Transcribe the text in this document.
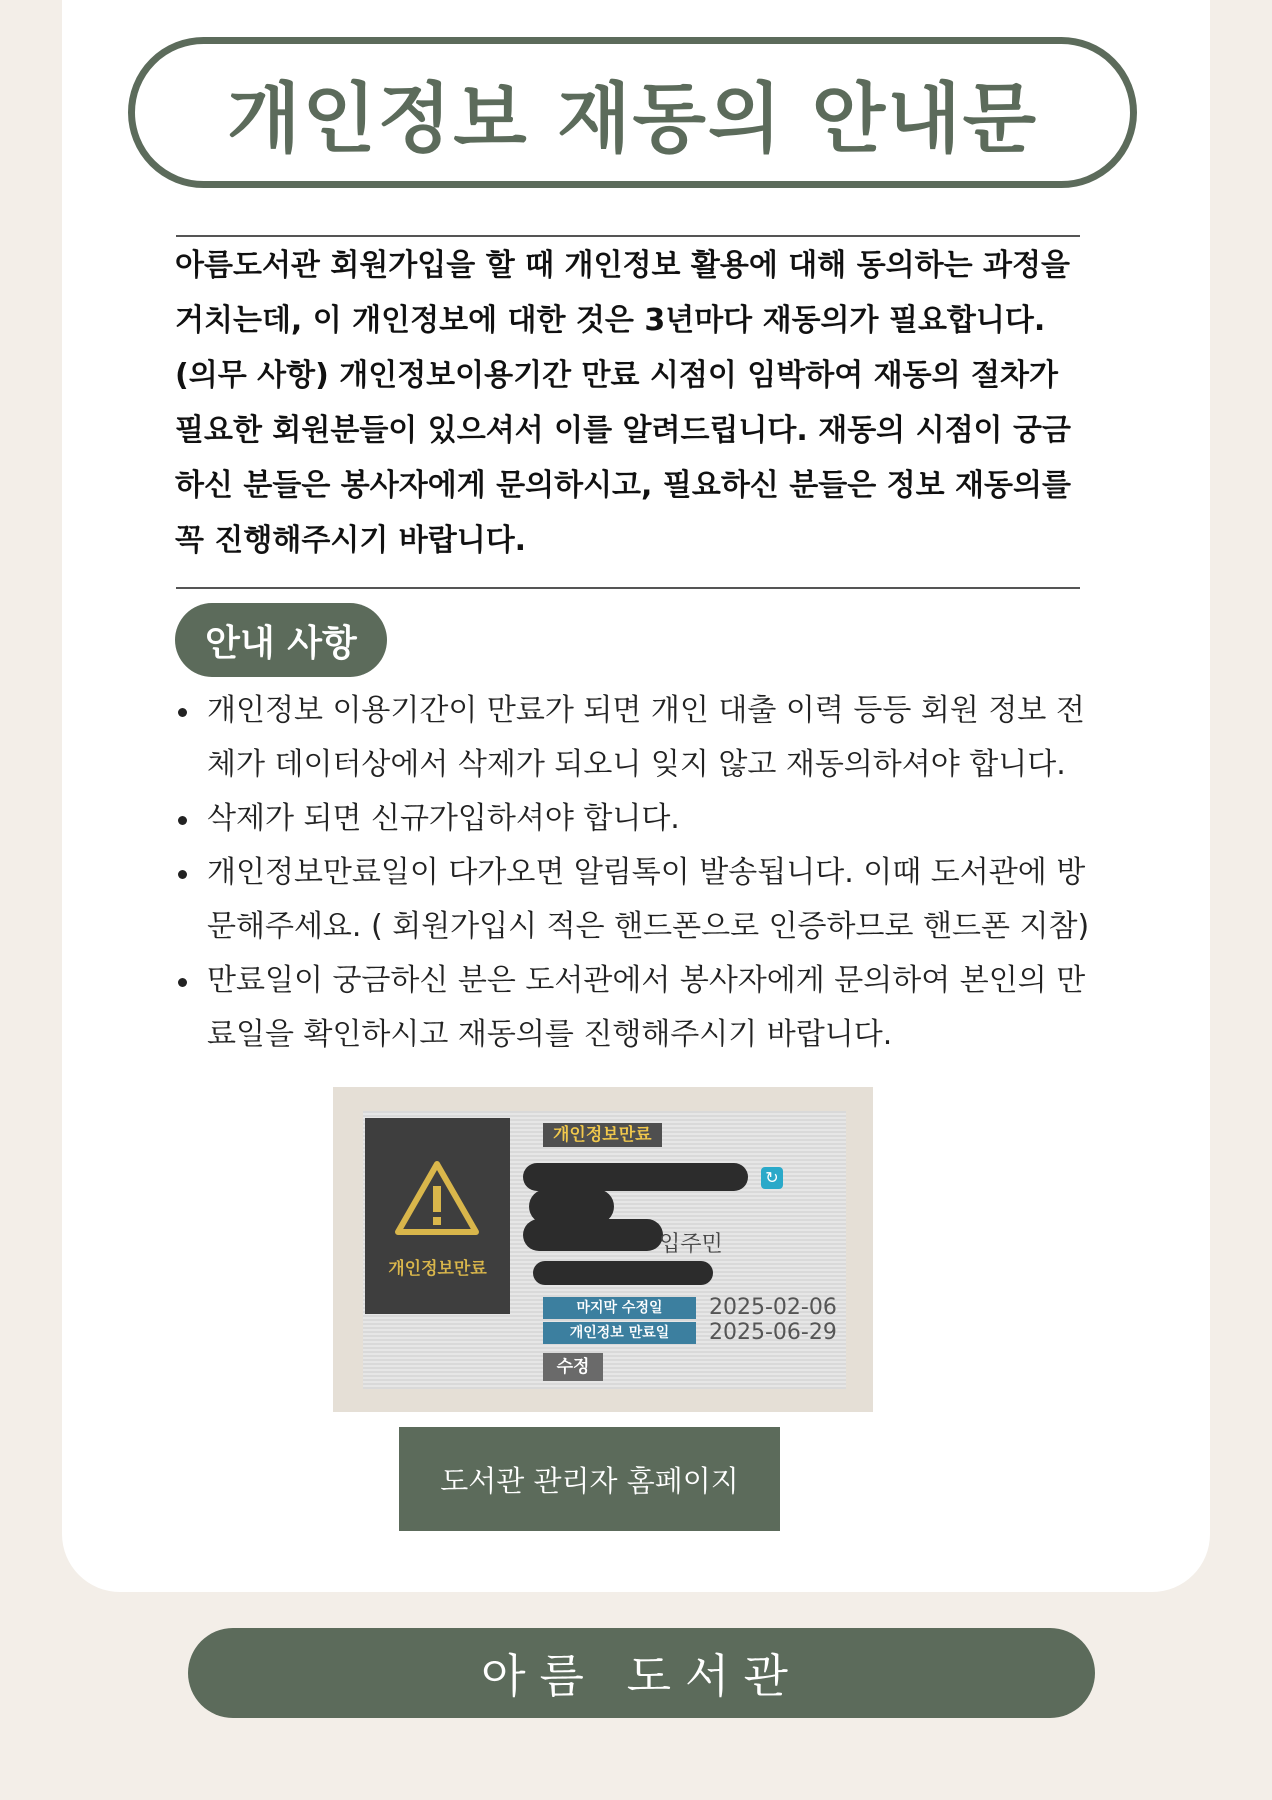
개인정보 재동의 안내문
아름도서관 회원가입을 할 때 개인정보 활용에 대해 동의하는 과정을 거치는데, 이 개인정보에 대한 것은 3년마다 재동의가 필요합니다. (의무 사항) 개인정보이용기간 만료 시점이 임박하여 재동의 절차가 필요한 회원분들이 있으셔서 이를 알려드립니다. 재동의 시점이 궁금하신 분들은 봉사자에게 문의하시고, 필요하신 분들은 정보 재동의를 꼭 진행해주시기 바랍니다.
안내 사항
개인정보 이용기간이 만료가 되면 개인 대출 이력 등등 회원 정보 전체가 데이터상에서 삭제가 되오니 잊지 않고 재동의하셔야 합니다.
삭제가 되면 신규가입하셔야 합니다.
개인정보만료일이 다가오면 알림톡이 발송됩니다. 이때 도서관에 방문해주세요. ( 회원가입시 적은 핸드폰으로 인증하므로 핸드폰 지참)
만료일이 궁금하신 분은 도서관에서 봉사자에게 문의하여 본인의 만료일을 확인하시고 재동의를 진행해주시기 바랍니다.
개인정보만료
개인정보만료
↻
입주민
마지막 수정일	2025-02-06
개인정보 만료일	2025-06-29
수정
도서관 관리자 홈페이지
아름 도서관
